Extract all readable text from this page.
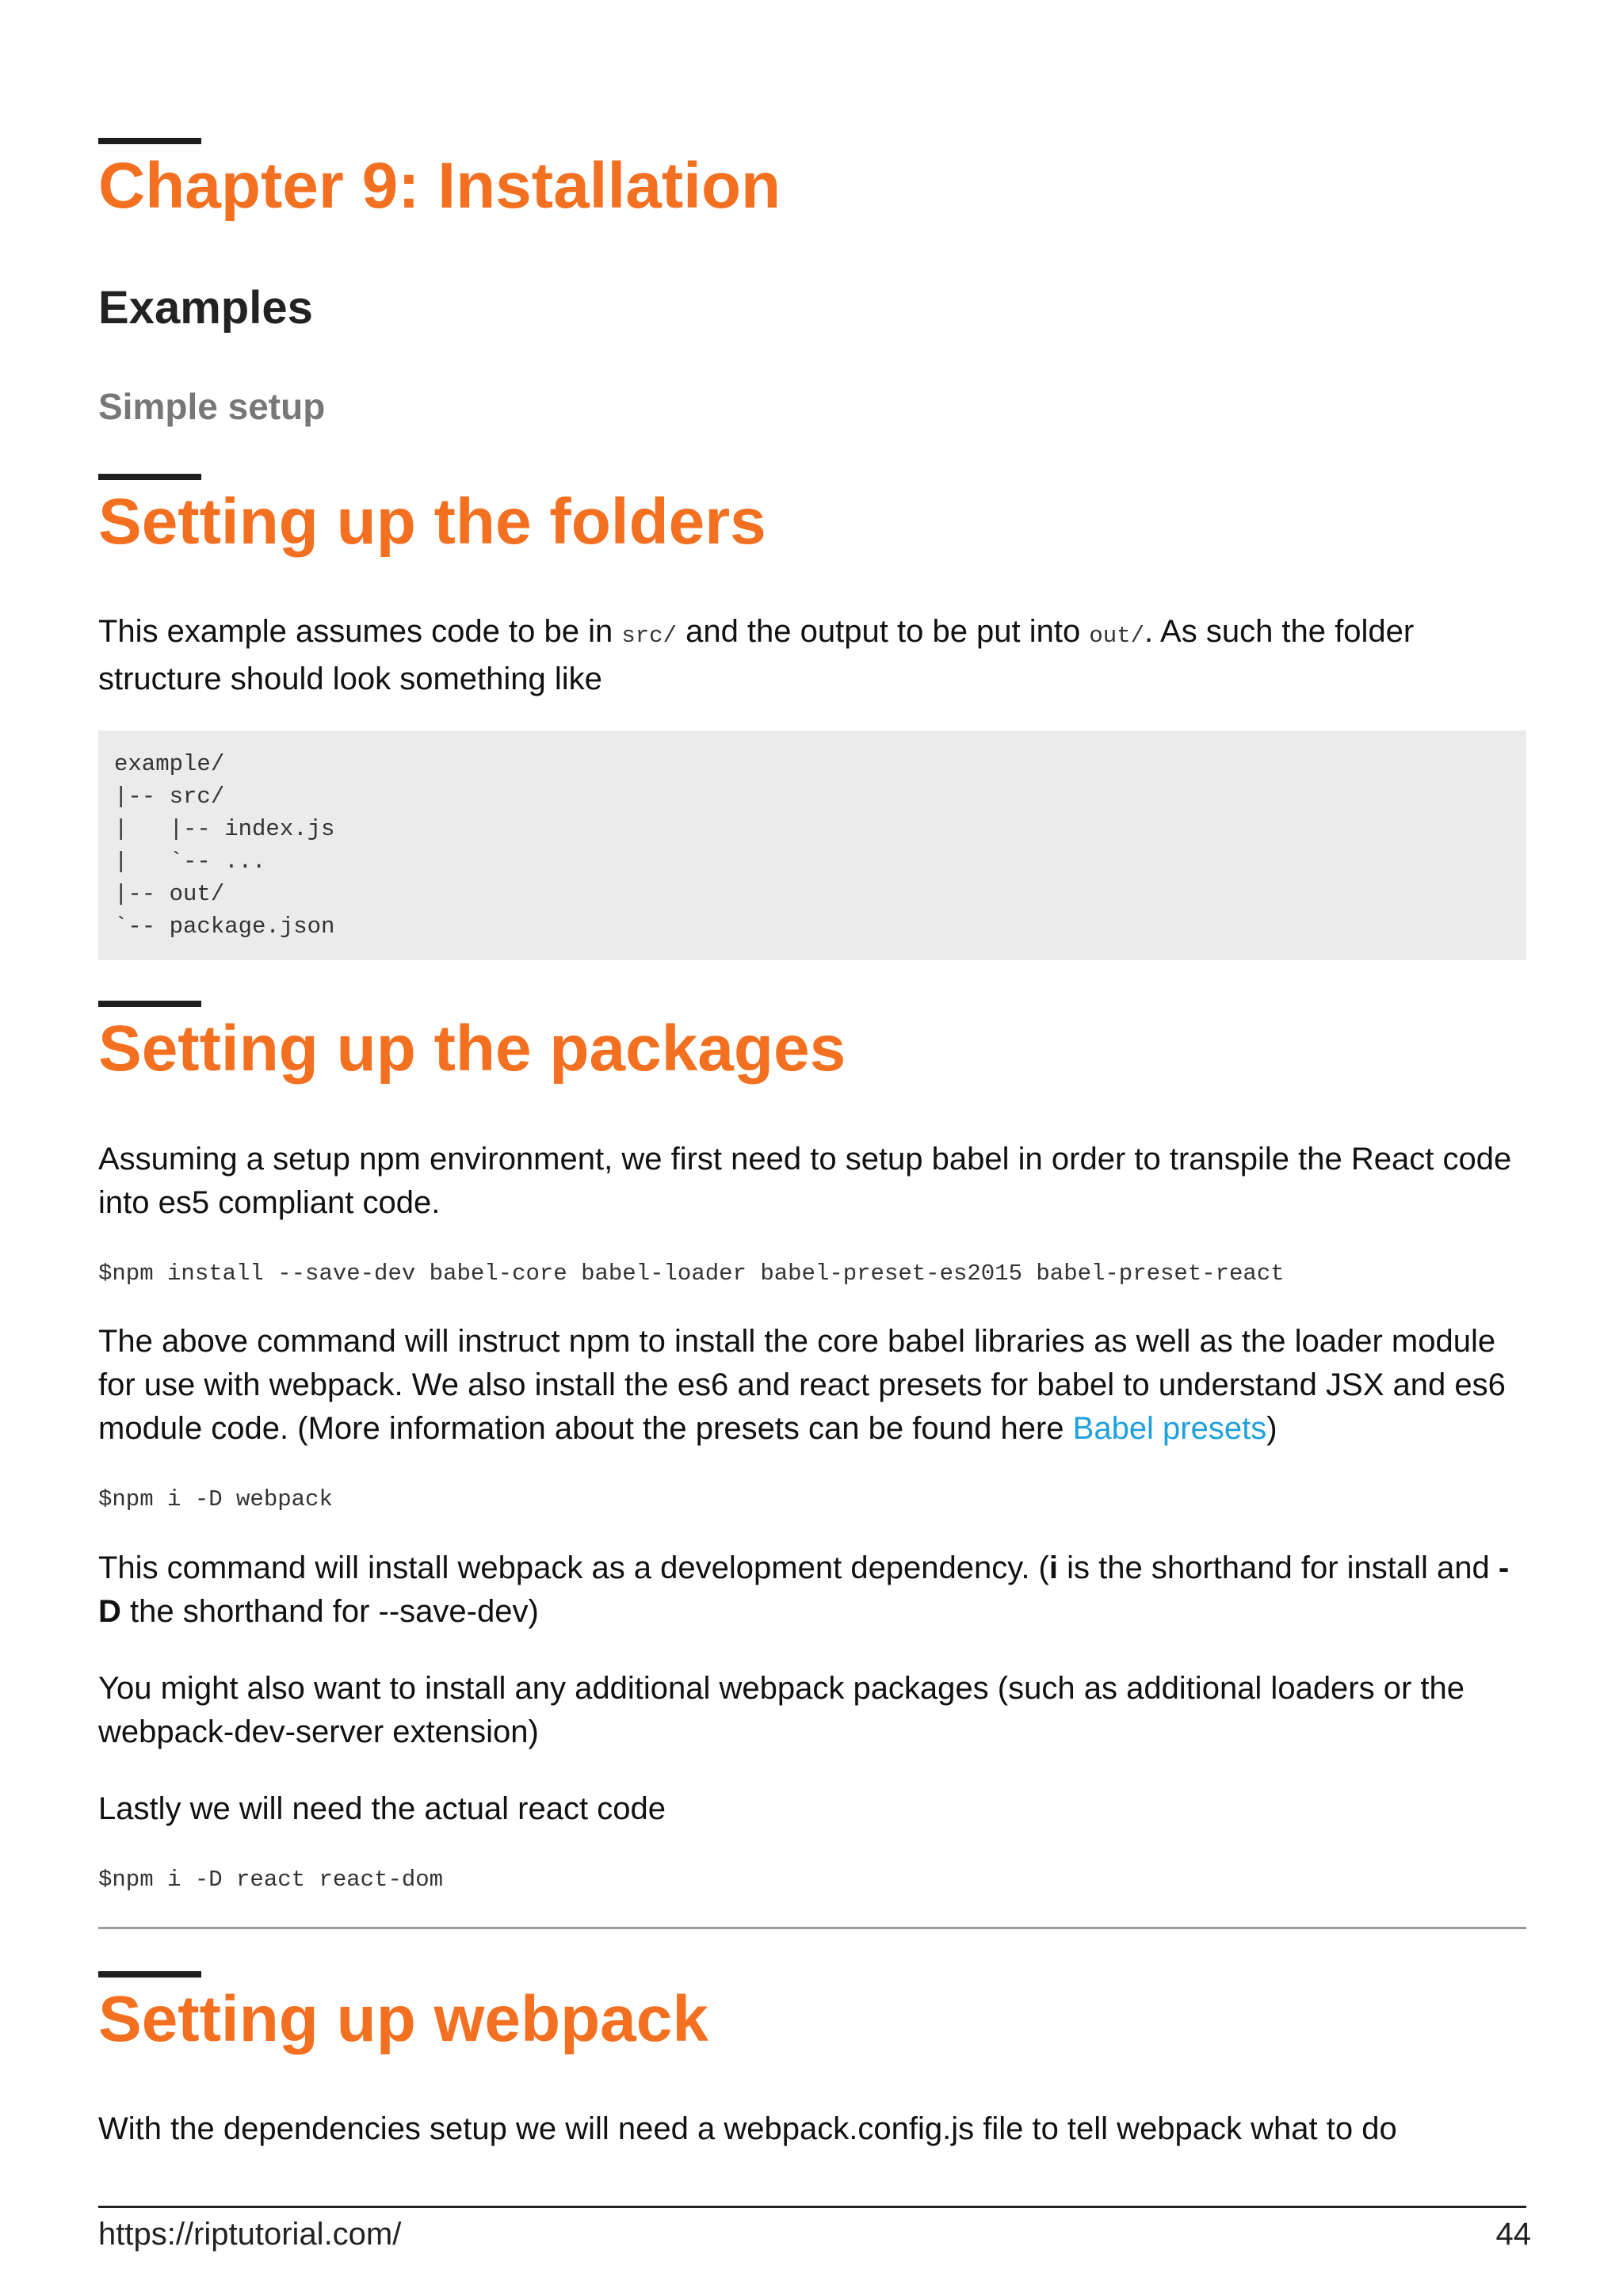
Chapter 9: Installation
Examples
Simple setup
Setting up the folders

This example assumes code to be in src/ and the output to be put into out/. As such the folder structure should look something like

example/
|-- src/
|   |-- index.js
|   `-- ...
|-- out/
`-- package.json
Setting up the packages

Assuming a setup npm environment, we first need to setup babel in order to transpile the React code into es5 compliant code.

$npm install --save-dev babel-core babel-loader babel-preset-es2015 babel-preset-react

The above command will instruct npm to install the core babel libraries as well as the loader module for use with webpack. We also install the es6 and react presets for babel to understand JSX and es6 module code. (More information about the presets can be found here Babel presets)

$npm i -D webpack

This command will install webpack as a development dependency. (i is the shorthand for install and -D the shorthand for --save-dev)

You might also want to install any additional webpack packages (such as additional loaders or the webpack-dev-server extension)

Lastly we will need the actual react code

$npm i -D react react-dom

Setting up webpack

With the dependencies setup we will need a webpack.config.js file to tell webpack what to do

https://riptutorial.com/	44
